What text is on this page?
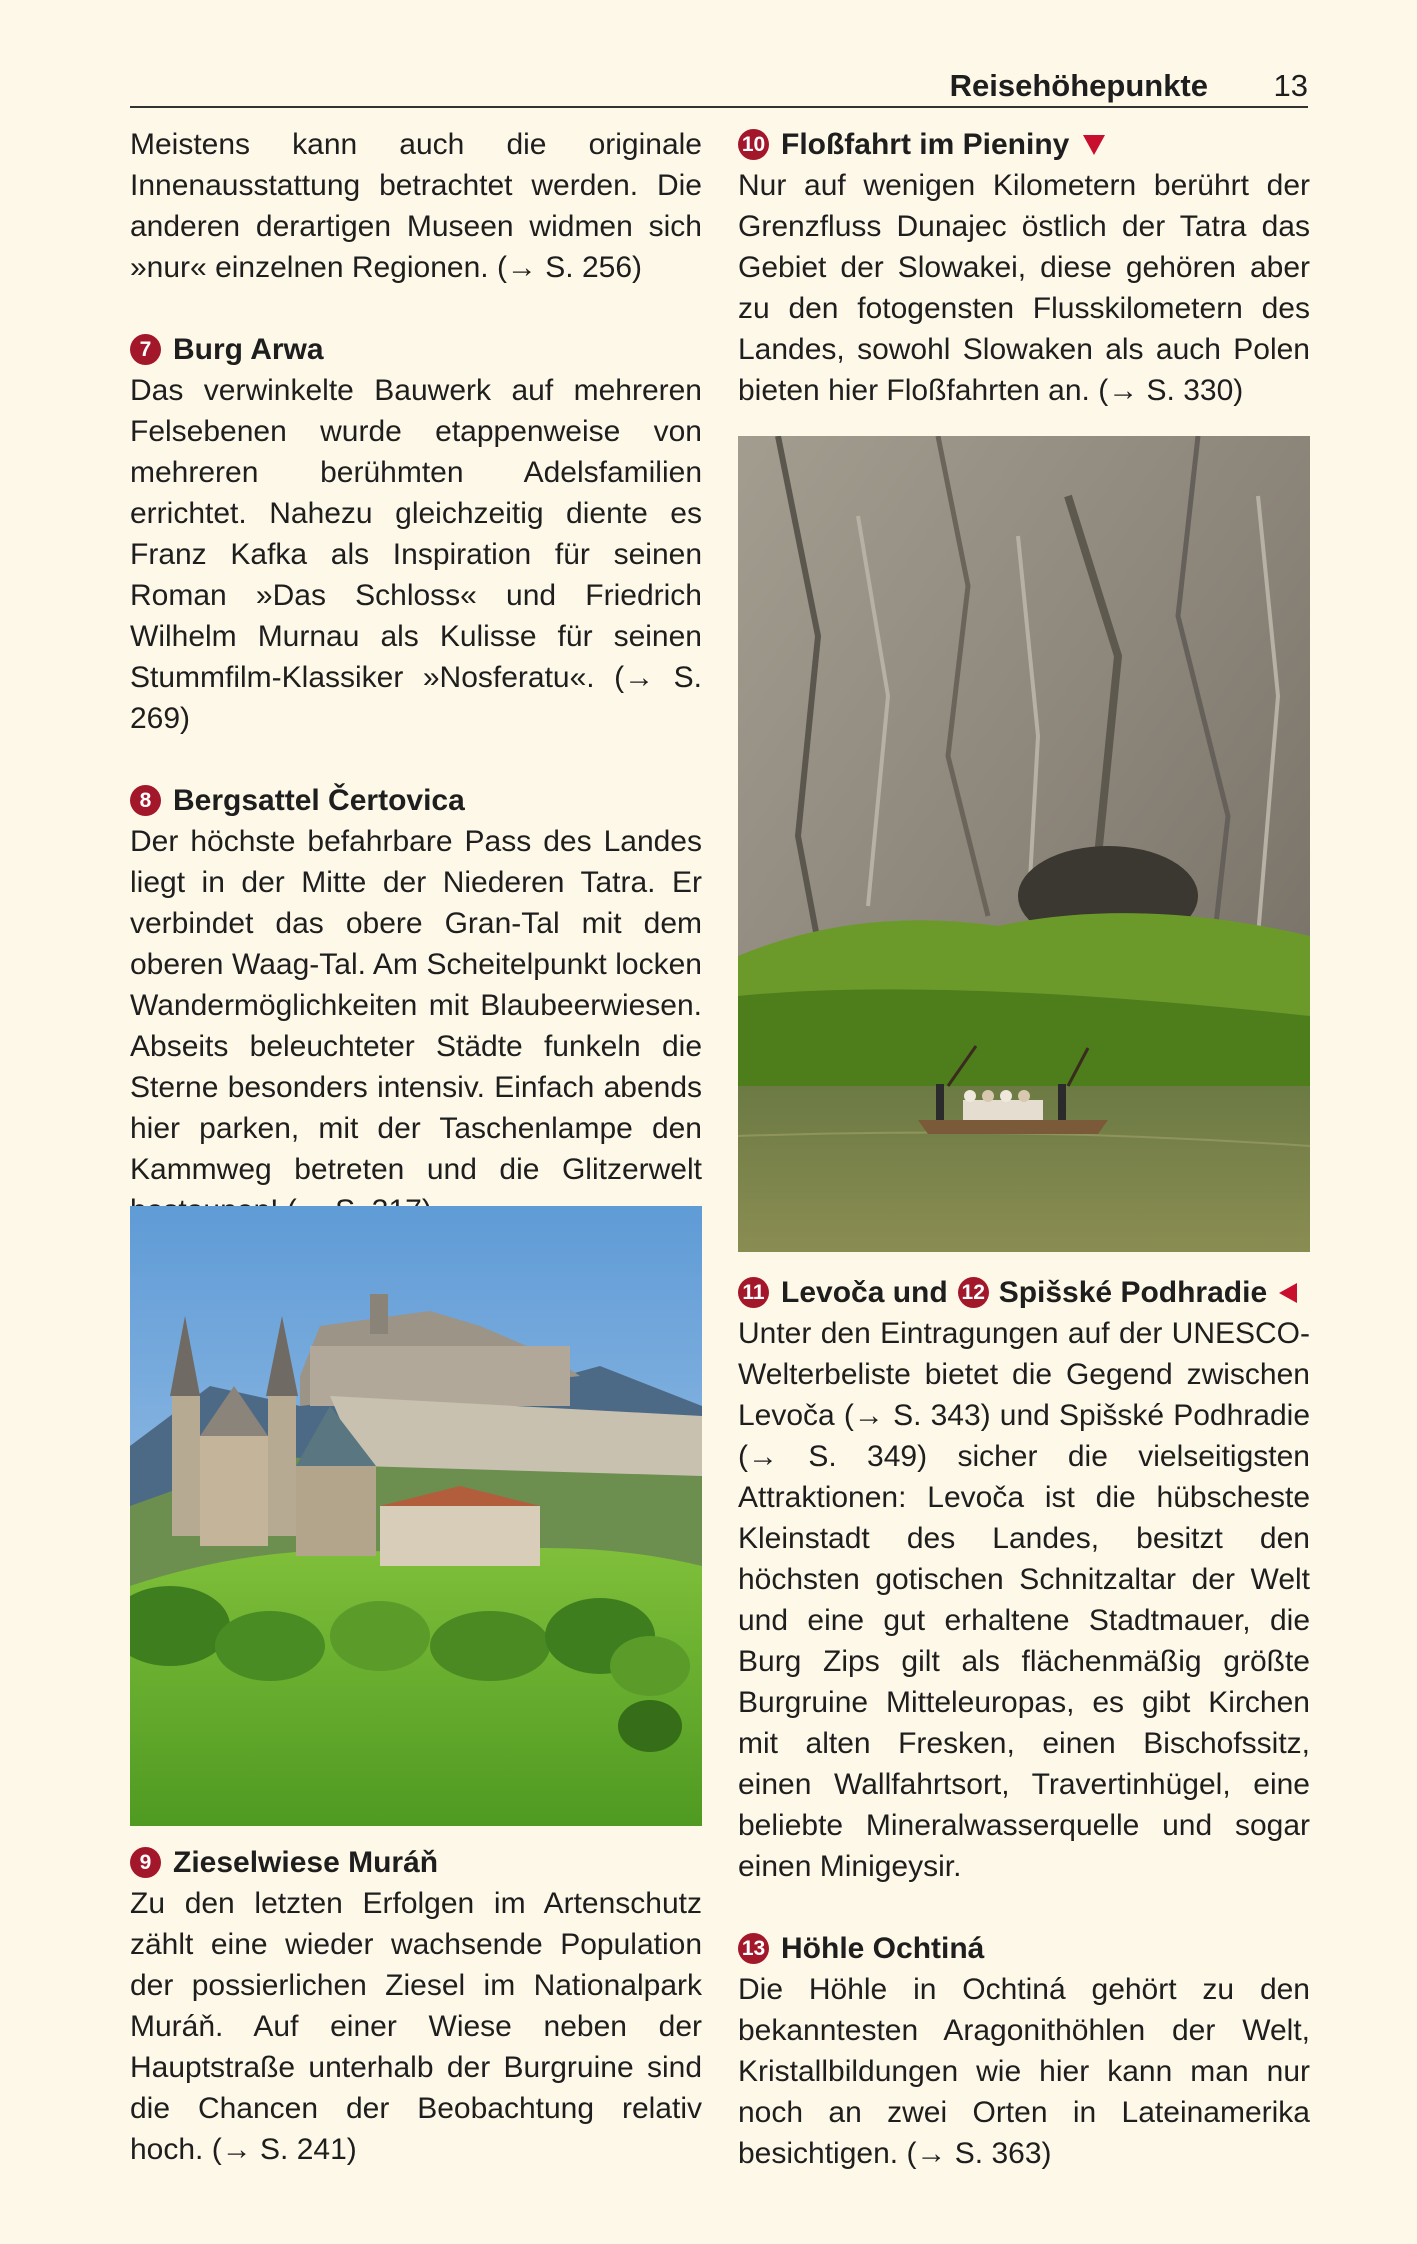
Reisehöhepunkte 13

Meistens kann auch die originale Innenausstattung betrachtet werden. Die anderen derartigen Museen widmen sich »nur« einzelnen Regionen. (→ S. 256)

7 Burg Arwa

Das verwinkelte Bauwerk auf mehreren Felsebenen wurde etappenweise von mehreren berühmten Adelsfamilien errichtet. Nahezu gleichzeitig diente es Franz Kafka als Inspiration für seinen Roman »Das Schloss« und Friedrich Wilhelm Murnau als Kulisse für seinen Stummfilm-Klassiker »Nosferatu«. (→ S. 269)

8 Bergsattel Čertovica

Der höchste befahrbare Pass des Landes liegt in der Mitte der Niederen Tatra. Er verbindet das obere Gran-Tal mit dem oberen Waag-Tal. Am Scheitelpunkt locken Wandermöglichkeiten mit Blaubeerwiesen. Abseits beleuchteter Städte funkeln die Sterne besonders intensiv. Einfach abends hier parken, mit der Taschenlampe den Kammweg betreten und die Glitzerwelt

9 Zieselwiese Muráň

Zu den letzten Erfolgen im Artenschutz zählt eine wieder wachsende Population der possierlichen Ziesel im Nationalpark Muráň. Auf einer Wiese neben der Hauptstraße unterhalb der Burgruine sind die Chancen der Beobachtung relativ hoch. (→ S. 241)

10 Floßfahrt im Pieniny

Nur auf wenigen Kilometern berührt der Grenzfluss Dunajec östlich der Tatra das Gebiet der Slowakei, diese gehören aber zu den fotogensten Flusskilometern des Landes, sowohl Slowaken als auch Polen bieten hier Floßfahrten an. (→ S. 330)

11 Levoča und 12 Spišské Podhradie

Unter den Eintragungen auf der UNESCO-Welterbeliste bietet die Gegend zwischen Levoča (→ S. 343) und Spišské Podhradie (→ S. 349) sicher die vielseitigsten Attraktionen: Levoča ist die hübscheste Kleinstadt des Landes, besitzt den höchsten gotischen Schnitzaltar der Welt und eine gut erhaltene Stadtmauer, die Burg Zips gilt als flächenmäßig größte Burgruine Mitteleuropas, es gibt Kirchen mit alten Fresken, einen Bischofssitz, einen Wallfahrtsort, Travertinhügel, eine beliebte Mineralwasserquelle und sogar einen Minigeysir.

13 Höhle Ochtiná

Die Höhle in Ochtiná gehört zu den bekanntesten Aragonithöhlen der Welt, Kristallbildungen wie hier kann man nur noch an zwei Orten in Lateinamerika besichtigen. (→ S. 363)
